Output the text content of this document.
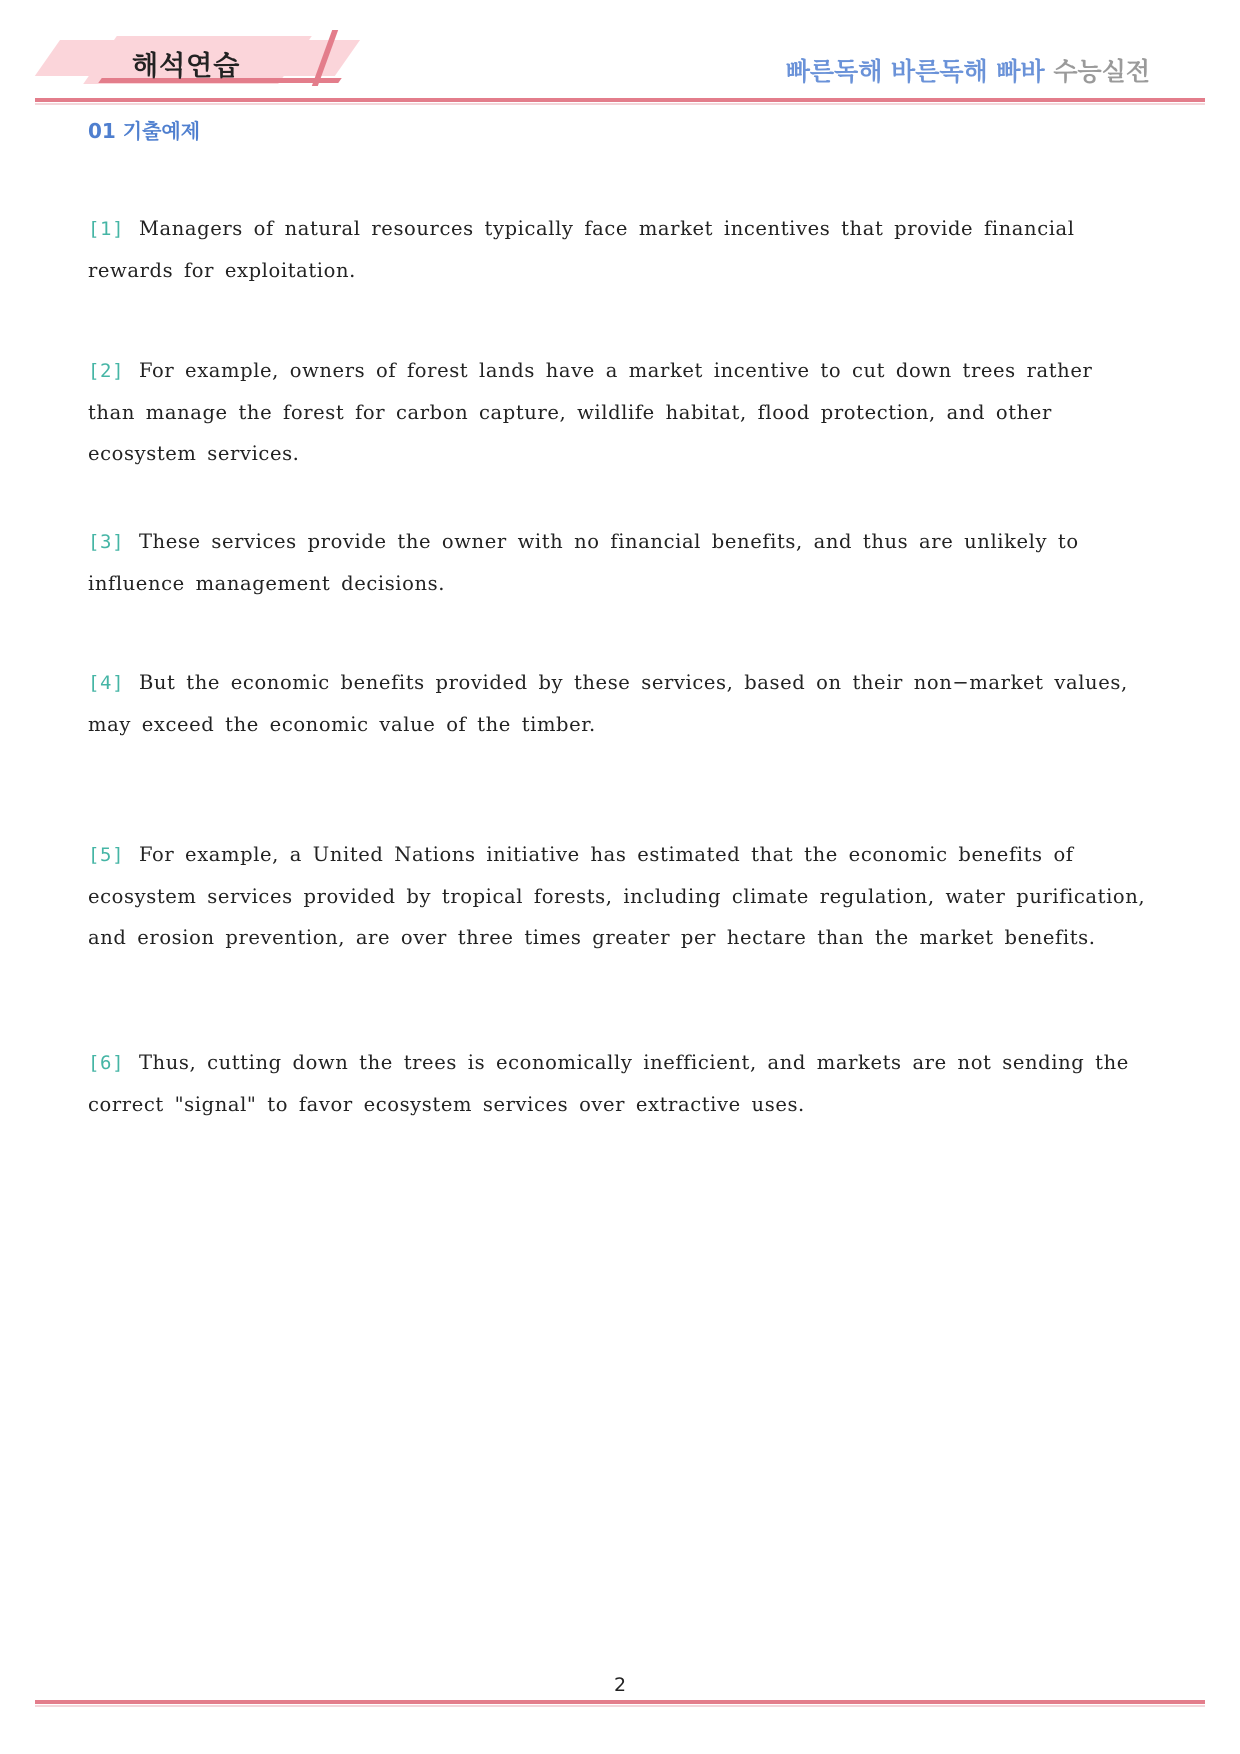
해석연습	빠른독해 바른독해 빠바 수능실전
01 기출예제
[1] Managers of natural resources typically face market incentives that provide financial rewards for exploitation.
[2] For example, owners of forest lands have a market incentive to cut down trees rather than manage the forest for carbon capture, wildlife habitat, flood protection, and other ecosystem services.
[3] These services provide the owner with no financial benefits, and thus are unlikely to influence management decisions.
[4] But the economic benefits provided by these services, based on their non−market values, may exceed the economic value of the timber.
[5] For example, a United Nations initiative has estimated that the economic benefits of ecosystem services provided by tropical forests, including climate regulation, water purification, and erosion prevention, are over three times greater per hectare than the market benefits.
[6] Thus, cutting down the trees is economically inefficient, and markets are not sending the correct "signal" to favor ecosystem services over extractive uses.
2
